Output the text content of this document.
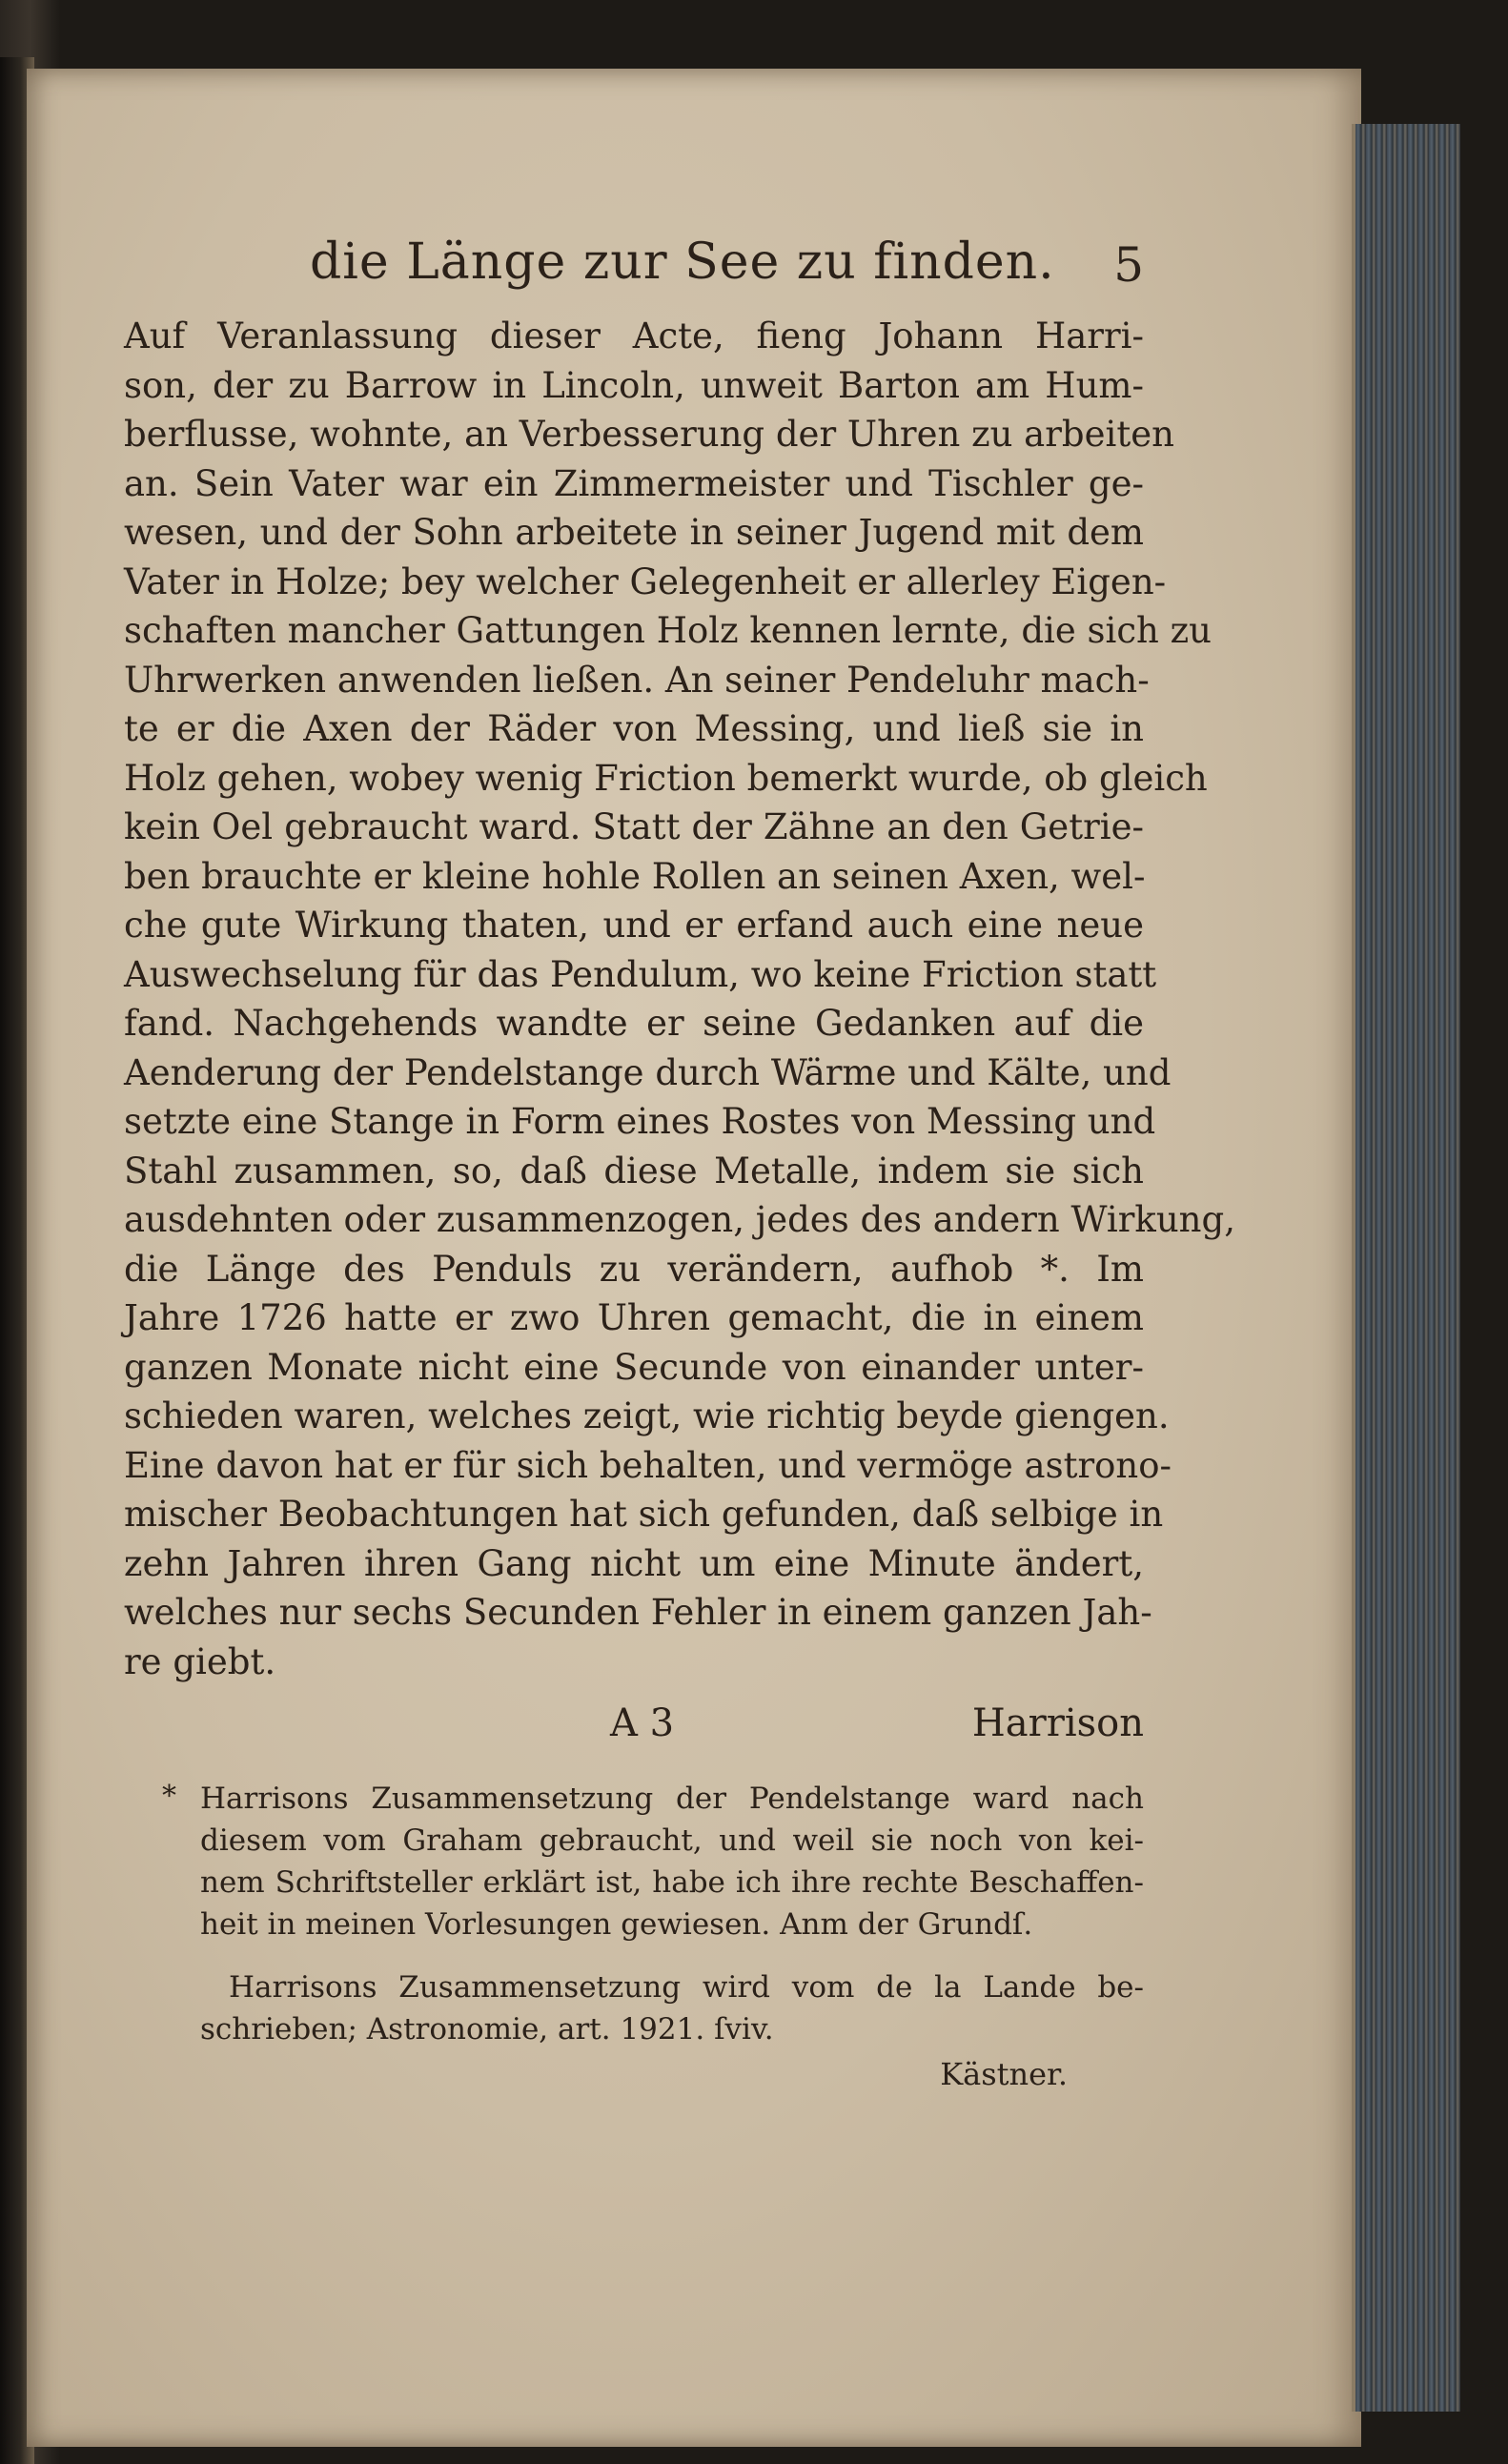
die Länge zur See zu finden. 5
Auf Veranlassung dieser Acte, fieng Johann Harri-
son, der zu Barrow in Lincoln, unweit Barton am Hum-
berflusse, wohnte, an Verbesserung der Uhren zu arbeiten
an. Sein Vater war ein Zimmermeister und Tischler ge-
wesen, und der Sohn arbeitete in seiner Jugend mit dem
Vater in Holze; bey welcher Gelegenheit er allerley Eigen-
schaften mancher Gattungen Holz kennen lernte, die sich zu
Uhrwerken anwenden ließen. An seiner Pendeluhr mach-
te er die Axen der Räder von Messing, und ließ sie in
Holz gehen, wobey wenig Friction bemerkt wurde, ob gleich
kein Oel gebraucht ward. Statt der Zähne an den Getrie-
ben brauchte er kleine hohle Rollen an seinen Axen, wel-
che gute Wirkung thaten, und er erfand auch eine neue
Auswechselung für das Pendulum, wo keine Friction statt
fand. Nachgehends wandte er seine Gedanken auf die
Aenderung der Pendelstange durch Wärme und Kälte, und
setzte eine Stange in Form eines Rostes von Messing und
Stahl zusammen, so, daß diese Metalle, indem sie sich
ausdehnten oder zusammenzogen, jedes des andern Wirkung,
die Länge des Penduls zu verändern, aufhob *. Im
Jahre 1726 hatte er zwo Uhren gemacht, die in einem
ganzen Monate nicht eine Secunde von einander unter-
schieden waren, welches zeigt, wie richtig beyde giengen.
Eine davon hat er für sich behalten, und vermöge astrono-
mischer Beobachtungen hat sich gefunden, daß selbige in
zehn Jahren ihren Gang nicht um eine Minute ändert,
welches nur sechs Secunden Fehler in einem ganzen Jah-
re giebt.
A 3	Harrison
* Harrisons Zusammensetzung der Pendelstange ward nach
diesem vom Graham gebraucht, und weil sie noch von kei-
nem Schriftsteller erklärt ist, habe ich ihre rechte Beschaffen-
heit in meinen Vorlesungen gewiesen. Anm der Grundſ.
Harrisons Zusammensetzung wird vom de la Lande be-
schrieben; Astronomie, art. 1921. ſviv.
Kästner.
